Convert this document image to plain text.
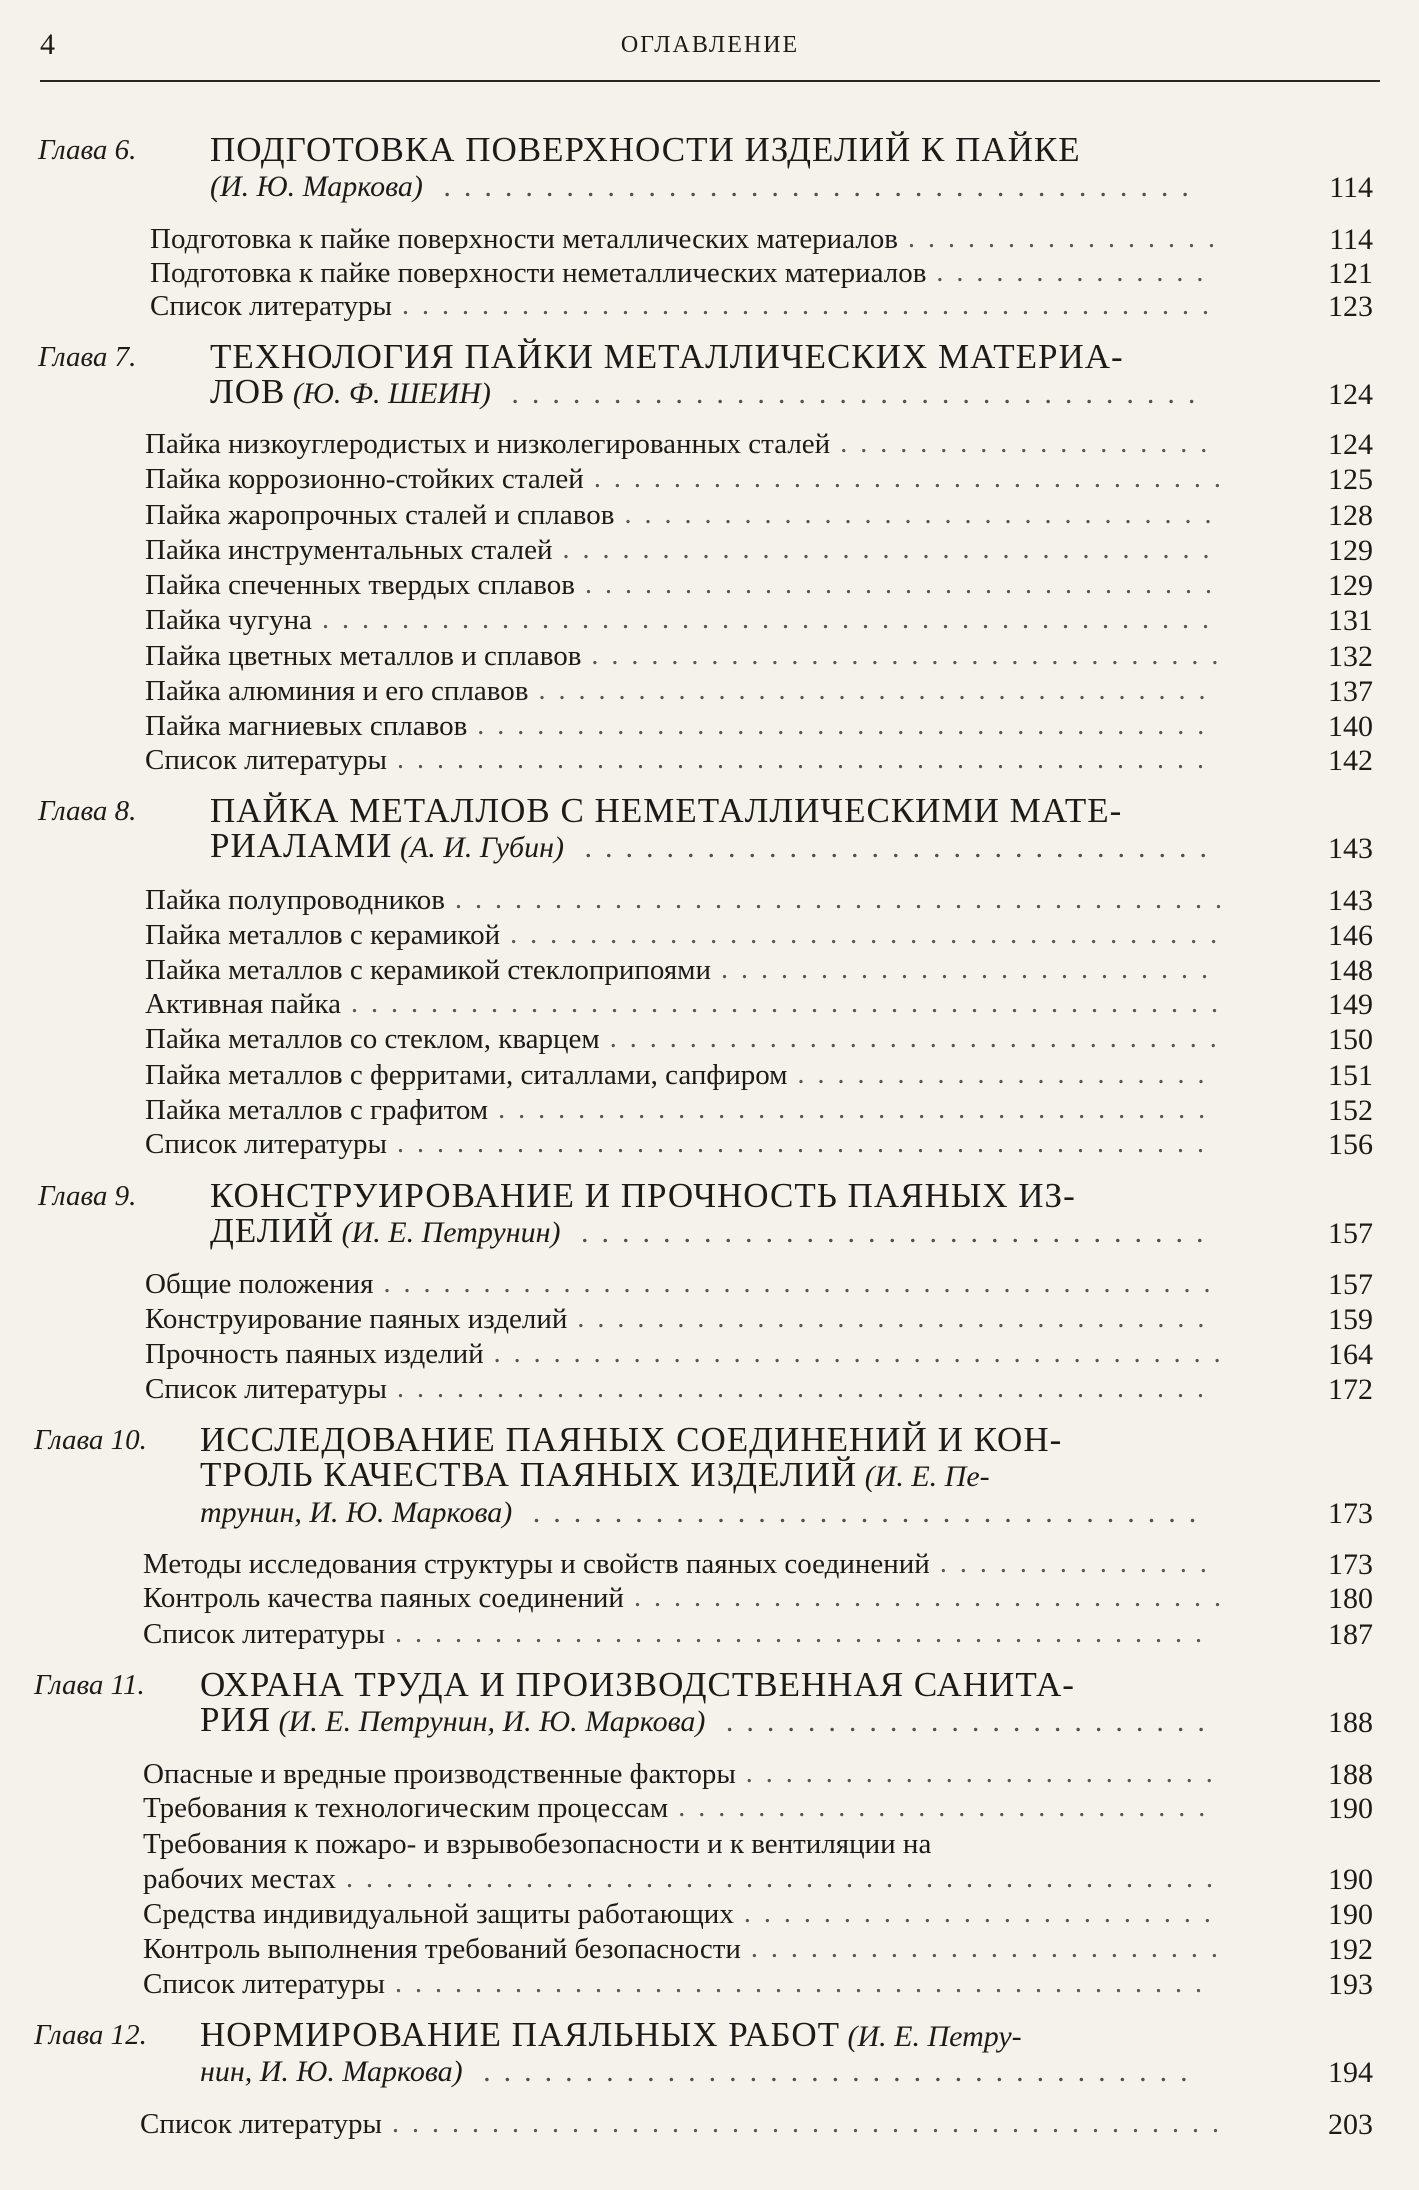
4	ОГЛАВЛЕНИЕ
Глава 6. ПОДГОТОВКА ПОВЕРХНОСТИ ИЗДЕЛИЙ К ПАЙКЕ
(И. Ю. Маркова) .....................................	114
Подготовка к пайке поверхности металлических материалов ................	114
Подготовка к пайке поверхности неметаллических материалов ..............	121
Список литературы .........................................	123
Глава 7. ТЕХНОЛОГИЯ ПАЙКИ МЕТАЛЛИЧЕСКИХ МАТЕРИА-
ЛОВ (Ю. Ф. ШЕИН) ..................................	124
Пайка низкоуглеродистых и низколегированных сталей ...................	124
Пайка коррозионно-стойких сталей ................................	125
Пайка жаропрочных сталей и сплавов ..............................	128
Пайка инструментальных сталей .................................	129
Пайка спеченных твердых сплавов ................................	129
Пайка чугуна .............................................	131
Пайка цветных металлов и сплавов ................................	132
Пайка алюминия и его сплавов ..................................	137
Пайка магниевых сплавов .....................................	140
Список литературы .........................................	142
Глава 8. ПАЙКА МЕТАЛЛОВ С НЕМЕТАЛЛИЧЕСКИМИ МАТЕ-
РИАЛАМИ (А. И. Губин) ...............................	143
Пайка полупроводников .......................................	143
Пайка металлов с керамикой ....................................	146
Пайка металлов с керамикой стеклоприпоями .........................	148
Активная пайка ............................................	149
Пайка металлов со стеклом, кварцем ...............................	150
Пайка металлов с ферритами, ситаллами, сапфиром .....................	151
Пайка металлов с графитом ....................................	152
Список литературы .........................................	156
Глава 9. КОНСТРУИРОВАНИЕ И ПРОЧНОСТЬ ПАЯНЫХ ИЗ-
ДЕЛИЙ (И. Е. Петрунин) ...............................	157
Общие положения ..........................................	157
Конструирование паяных изделий ................................	159
Прочность паяных изделий .....................................	164
Список литературы .........................................	172
Глава 10. ИССЛЕДОВАНИЕ ПАЯНЫХ СОЕДИНЕНИЙ И КОН-
ТРОЛЬ КАЧЕСТВА ПАЯНЫХ ИЗДЕЛИЙ (И. Е. Пе-
трунин, И. Ю. Маркова) .................................	173
Методы исследования структуры и свойств паяных соединений ..............	173
Контроль качества паяных соединений ..............................	180
Список литературы .........................................	187
Глава 11. ОХРАНА ТРУДА И ПРОИЗВОДСТВЕННАЯ САНИТА-
РИЯ (И. Е. Петрунин, И. Ю. Маркова) ........................	188
Опасные и вредные производственные факторы ........................	188
Требования к технологическим процессам ...........................	190
Требования к пожаро- и взрывобезопасности и к вентиляции на
рабочих местах ............................................	190
Средства индивидуальной защиты работающих ........................	190
Контроль выполнения требований безопасности ........................	192
Список литературы .........................................	193
Глава 12. НОРМИРОВАНИЕ ПАЯЛЬНЫХ РАБОТ (И. Е. Петру-
нин, И. Ю. Маркова) ...................................	194
Список литературы ..........................................	203
